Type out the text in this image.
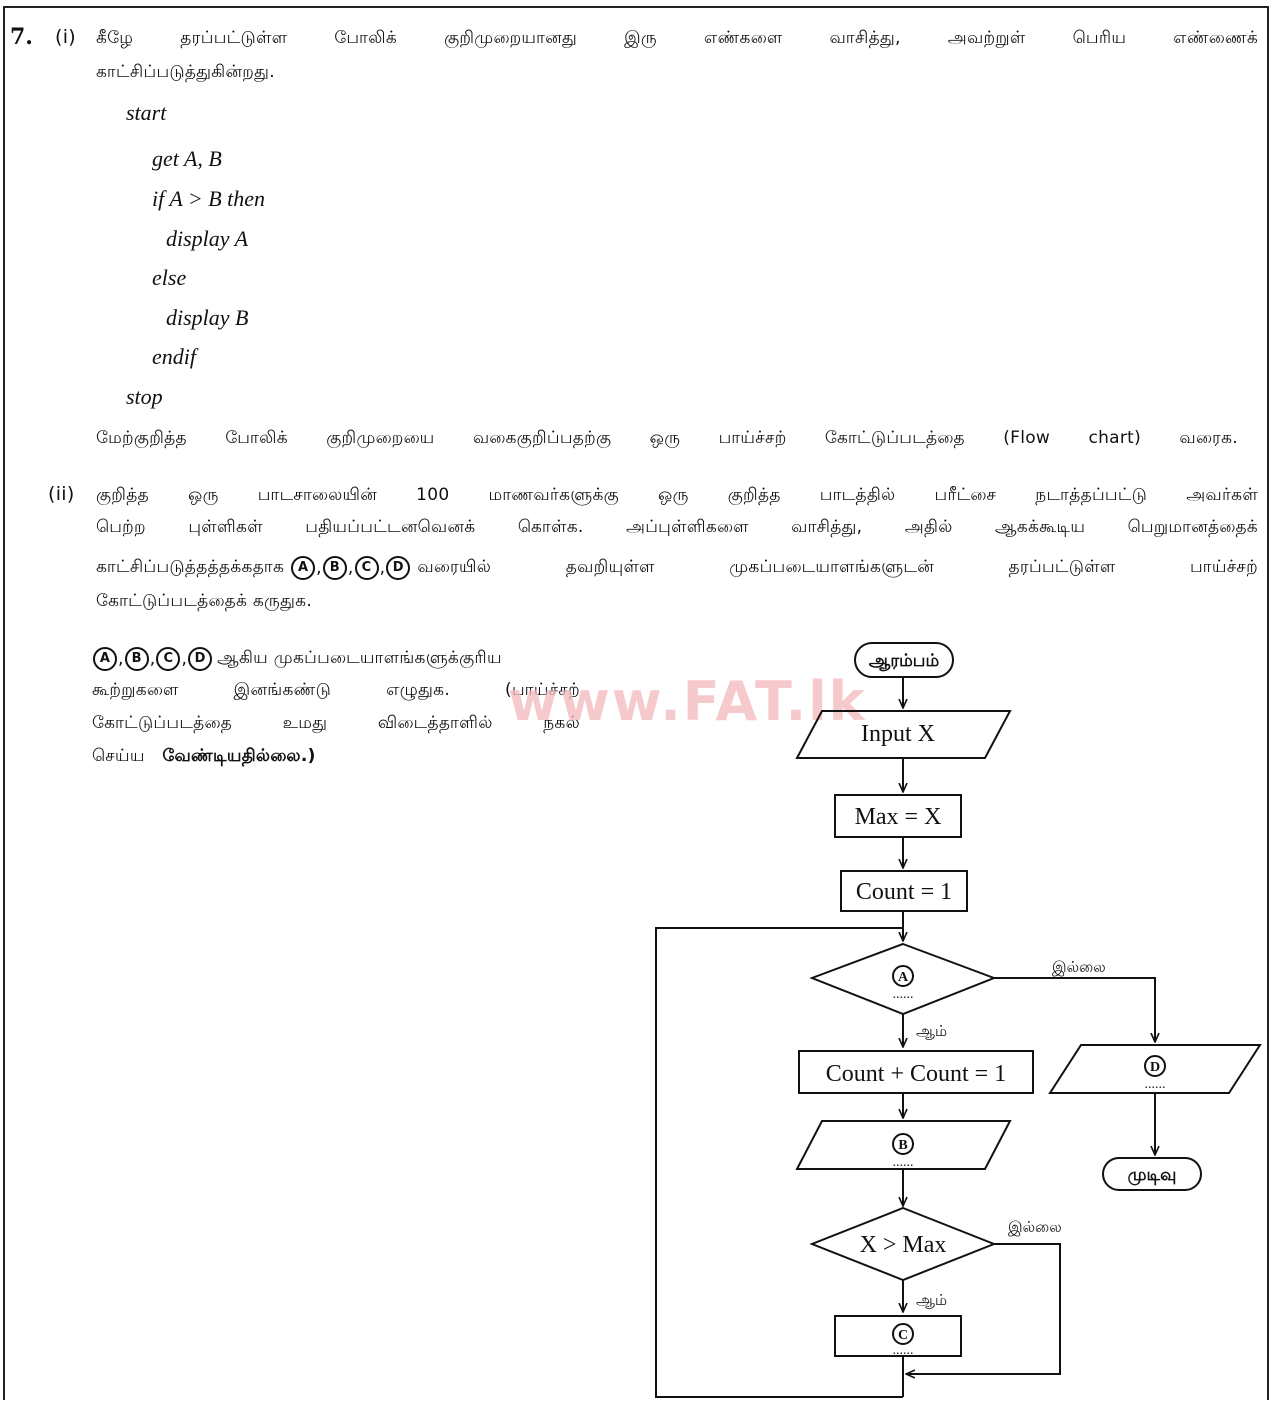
7. (i) கீழே தரப்பட்டுள்ள போலிக் குறிமுறையானது இரு எண்களை வாசித்து, அவற்றுள் பெரிய எண்ணைக்
காட்சிப்படுத்துகின்றது.
start
get A, B
if A > B then
display A
else
display B
endif
stop
மேற்குறித்த போலிக் குறிமுறையை வகைகுறிப்பதற்கு ஒரு பாய்ச்சற் கோட்டுப்படத்தை (Flow chart) வரைக.
(ii) குறித்த ஒரு பாடசாலையின் 100 மாணவர்களுக்கு ஒரு குறித்த பாடத்தில் பரீட்சை நடாத்தப்பட்டு அவர்கள்
பெற்ற புள்ளிகள் பதியப்பட்டனவெனக் கொள்க. அப்புள்ளிகளை வாசித்து, அதில் ஆகக்கூடிய பெறுமானத்தைக்
காட்சிப்படுத்தத்தக்கதாக	A , B , C , D வரையில் தவறியுள்ள முகப்படையாளங்களுடன் தரப்பட்டுள்ள பாய்ச்சற்
கோட்டுப்படத்தைக் கருதுக.
A , B , C , D ஆகிய முகப்படையாளங்களுக்குரிய
கூற்றுகளை இனங்கண்டு எழுதுக. (பாய்ச்சற்
கோட்டுப்படத்தை உமது விடைத்தாளில் நகல்
செய்ய வேண்டியதில்லை.)
www.FAT.lk
ஆரம்பம்
Input X
Max = X
Count = 1
A
......
ஆம்
இல்லை
Count + Count = 1
B
......
X > Max
இல்லை
ஆம்
C
......
D
......
முடிவு
